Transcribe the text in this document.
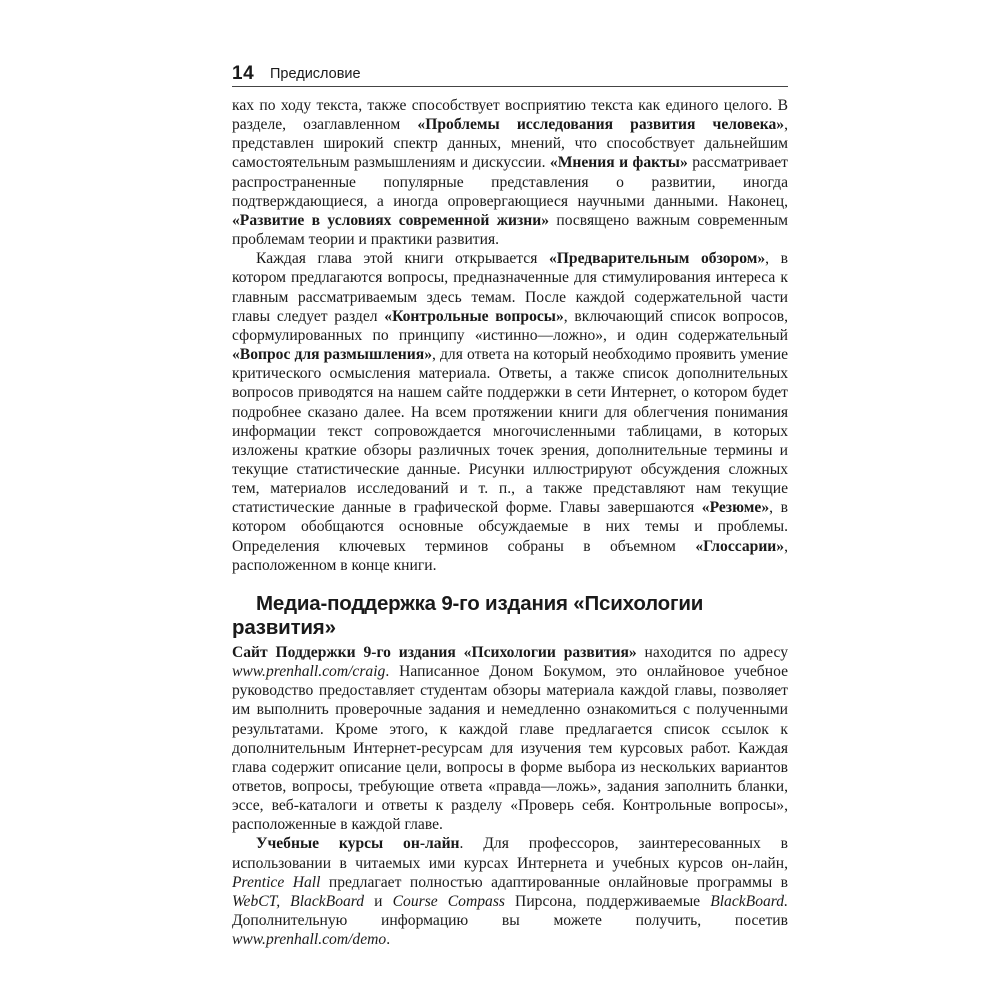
14 Предисловие

ках по ходу текста, также способствует восприятию текста как единого целого. В разделе, озаглавленном «Проблемы исследования развития человека», представлен широкий спектр данных, мнений, что способствует дальнейшим самостоятельным размышлениям и дискуссии. «Мнения и факты» рассматривает распространенные популярные представления о развитии, иногда подтверждающиеся, а иногда опровергающиеся научными данными. Наконец, «Развитие в условиях современной жизни» посвящено важным современным проблемам теории и практики развития.

Каждая глава этой книги открывается «Предварительным обзором», в котором предлагаются вопросы, предназначенные для стимулирования интереса к главным рассматриваемым здесь темам. После каждой содержательной части главы следует раздел «Контрольные вопросы», включающий список вопросов, сформулированных по принципу «истинно—ложно», и один содержательный «Вопрос для размышления», для ответа на который необходимо проявить умение критического осмысления материала. Ответы, а также список дополнительных вопросов приводятся на нашем сайте поддержки в сети Интернет, о котором будет подробнее сказано далее. На всем протяжении книги для облегчения понимания информации текст сопровождается многочисленными таблицами, в которых изложены краткие обзоры различных точек зрения, дополнительные термины и текущие статистические данные. Рисунки иллюстрируют обсуждения сложных тем, материалов исследований и т. п., а также представляют нам текущие статистические данные в графической форме. Главы завершаются «Резюме», в котором обобщаются основные обсуждаемые в них темы и проблемы. Определения ключевых терминов собраны в объемном «Глоссарии», расположенном в конце книги.

Медиа-поддержка 9-го издания «Психологии развития»

Сайт Поддержки 9-го издания «Психологии развития» находится по адресу www.prenhall.com/craig. Написанное Доном Бокумом, это онлайновое учебное руководство предоставляет студентам обзоры материала каждой главы, позволяет им выполнить проверочные задания и немедленно ознакомиться с полученными результатами. Кроме этого, к каждой главе предлагается список ссылок к дополнительным Интернет-ресурсам для изучения тем курсовых работ. Каждая глава содержит описание цели, вопросы в форме выбора из нескольких вариантов ответов, вопросы, требующие ответа «правда—ложь», задания заполнить бланки, эссе, веб-каталоги и ответы к разделу «Проверь себя. Контрольные вопросы», расположенные в каждой главе.

Учебные курсы он-лайн. Для профессоров, заинтересованных в использовании в читаемых ими курсах Интернета и учебных курсов он-лайн, Prentice Hall предлагает полностью адаптированные онлайновые программы в WebCT, BlackBoard и Course Compass Пирсона, поддерживаемые BlackBoard. Дополнительную информацию вы можете получить, посетив www.prenhall.com/demo.
